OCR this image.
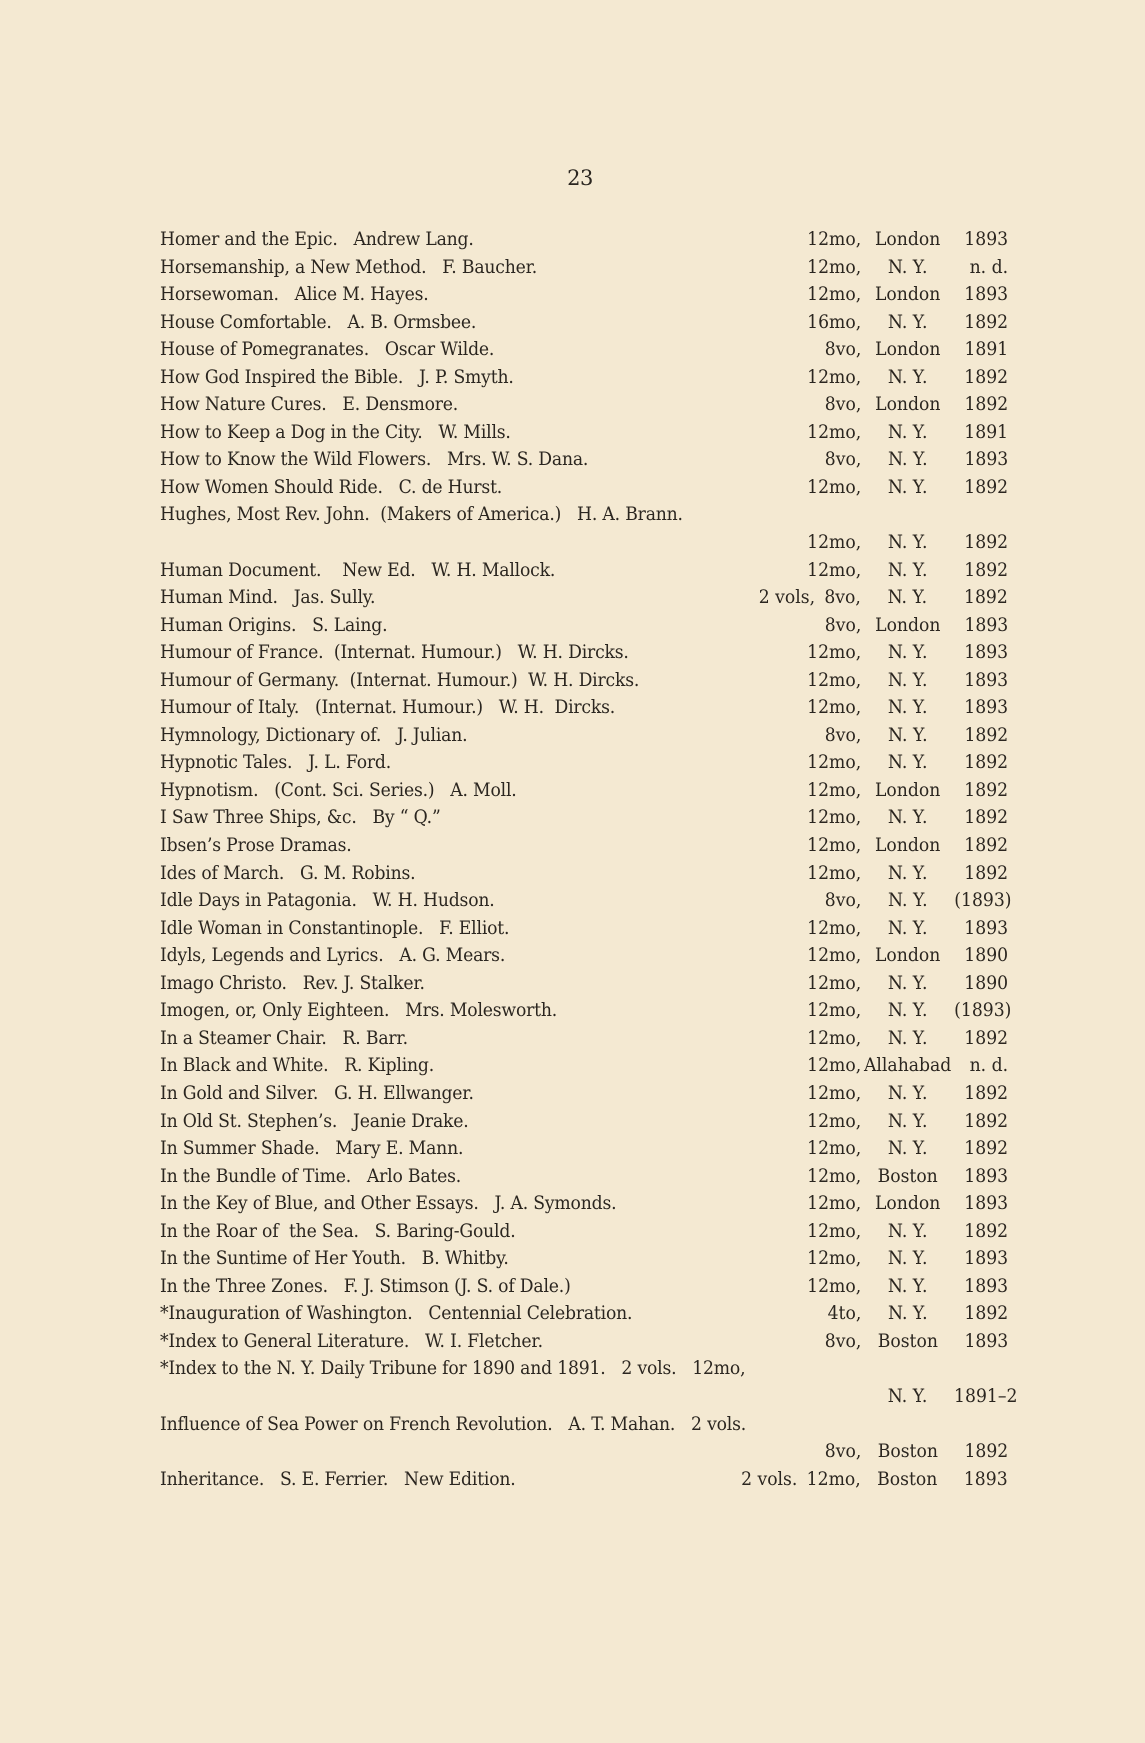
23
Homer and the Epic.   Andrew Lang.	12mo, London	1893
Horsemanship, a New Method.   F. Baucher.	12mo,	N. Y.	n. d.
Horsewoman.   Alice M. Hayes.	12mo, London	1893
House Comfortable.   A. B. Ormsbee.	16mo,	N. Y.	1892
House of Pomegranates.   Oscar Wilde.	8vo, London	1891
How God Inspired the Bible.   J. P. Smyth.	12mo,	N. Y.	1892
How Nature Cures.   E. Densmore.	8vo, London	1892
How to Keep a Dog in the City.   W. Mills.	12mo,	N. Y.	1891
How to Know the Wild Flowers.   Mrs. W. S. Dana.	8vo,	N. Y.	1893
How Women Should Ride.   C. de Hurst.	12mo,	N. Y.	1892
Hughes, Most Rev. John.  (Makers of America.)   H. A. Brann.
12mo,	N. Y.	1892
Human Document.    New Ed.   W. H. Mallock.	12mo,	N. Y.	1892
Human Mind.   Jas. Sully.	2 vols, 8vo,	N. Y.	1892
Human Origins.   S. Laing.	8vo, London	1893
Humour of France.  (Internat. Humour.)   W. H. Dircks.	12mo,	N. Y.	1893
Humour of Germany.  (Internat. Humour.)  W. H. Dircks.	12mo,	N. Y.	1893
Humour of Italy.   (Internat. Humour.)   W. H.  Dircks.	12mo,	N. Y.	1893
Hymnology, Dictionary of.   J. Julian.	8vo,	N. Y.	1892
Hypnotic Tales.   J. L. Ford.	12mo,	N. Y.	1892
Hypnotism.   (Cont. Sci. Series.)   A. Moll.	12mo, London	1892
I Saw Three Ships, &c.   By “ Q.”	12mo,	N. Y.	1892
Ibsen’s Prose Dramas.	12mo, London	1892
Ides of March.   G. M. Robins.	12mo,	N. Y.	1892
Idle Days in Patagonia.   W. H. Hudson.	8vo,	N. Y.	(1893)
Idle Woman in Constantinople.   F. Elliot.	12mo,	N. Y.	1893
Idyls, Legends and Lyrics.   A. G. Mears.	12mo, London	1890
Imago Christo.   Rev. J. Stalker.	12mo,	N. Y.	1890
Imogen, or, Only Eighteen.   Mrs. Molesworth.	12mo,	N. Y.	(1893)
In a Steamer Chair.   R. Barr.	12mo,	N. Y.	1892
In Black and White.   R. Kipling.	12mo, Allahabad n. d.
In Gold and Silver.   G. H. Ellwanger.	12mo,	N. Y.	1892
In Old St. Stephen’s.   Jeanie Drake.	12mo,	N. Y.	1892
In Summer Shade.   Mary E. Mann.	12mo,	N. Y.	1892
In the Bundle of Time.   Arlo Bates.	12mo, Boston	1893
In the Key of Blue, and Other Essays.   J. A. Symonds.	12mo, London	1893
In the Roar of  the Sea.   S. Baring-Gould.	12mo,	N. Y.	1892
In the Suntime of Her Youth.   B. Whitby.	12mo,	N. Y.	1893
In the Three Zones.   F. J. Stimson (J. S. of Dale.)	12mo,	N. Y.	1893
*Inauguration of Washington.   Centennial Celebration.	4to,	N. Y.	1892
*Index to General Literature.   W. I. Fletcher.	8vo, Boston	1893
*Index to the N. Y. Daily Tribune for 1890 and 1891.   2 vols.   12mo,
N. Y.	1891–2
Influence of Sea Power on French Revolution.   A. T. Mahan.   2 vols.
8vo, Boston	1892
Inheritance.   S. E. Ferrier.   New Edition.	2 vols. 12mo, Boston	1893
